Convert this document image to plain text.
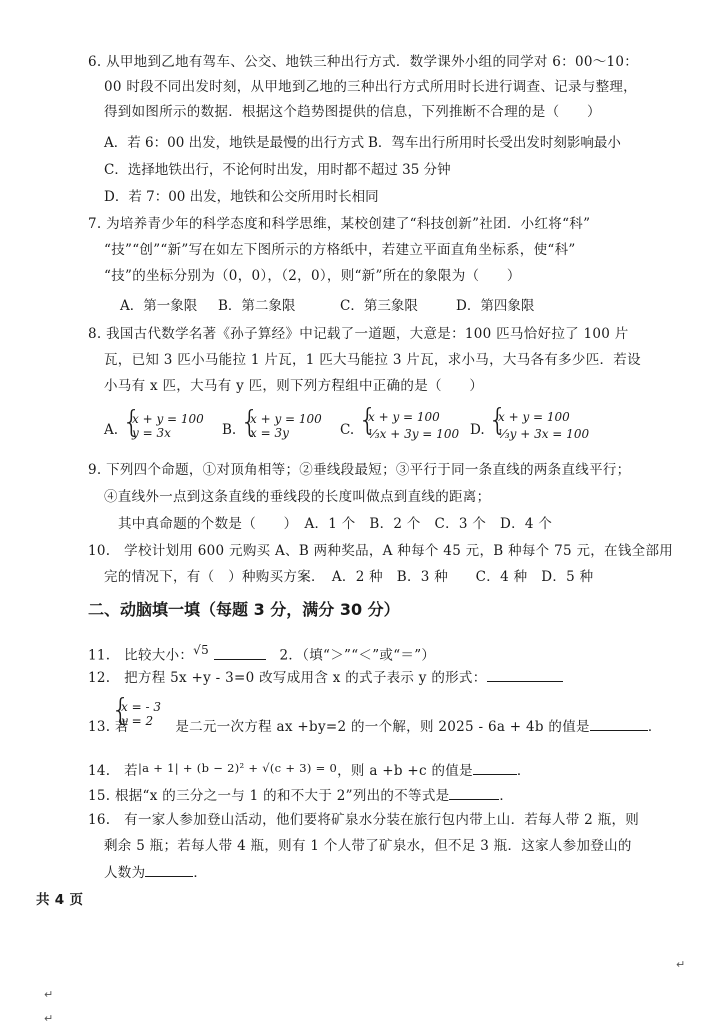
6. 从甲地到乙地有驾车、公交、地铁三种出行方式．数学课外小组的同学对 6：00～10：
00 时段不同出发时刻，从甲地到乙地的三种出行方式所用时长进行调查、记录与整理，
得到如图所示的数据．根据这个趋势图提供的信息，下列推断不合理的是（　　）
A．若 6：00 出发，地铁是最慢的出行方式 B．驾车出行所用时长受出发时刻影响最小
C．选择地铁出行，不论何时出发，用时都不超过 35 分钟
D．若 7：00 出发，地铁和公交所用时长相同
7. 为培养青少年的科学态度和科学思维，某校创建了“科技创新”社团．小红将“科”
“技”“创”“新”写在如左下图所示的方格纸中，若建立平面直角坐标系，使“科”
“技”的坐标分别为（0，0），（2，0），则“新”所在的象限为（　　）
A．第一象限 B．第二象限	C．第三象限	D．第四象限
8. 我国古代数学名著《孙子算经》中记载了一道题，大意是：100 匹马恰好拉了 100 片
瓦，已知 3 匹小马能拉 1 片瓦，1 匹大马能拉 3 片瓦，求小马，大马各有多少匹．若设
小马有 x 匹，大马有 y 匹，则下列方程组中正确的是（　　）
A. {
x + y = 100
y = 3x	B. {
x + y = 100
x = 3y	C. {
x + y = 100
⅓x + 3y = 100 D. {
x + y = 100
⅓y + 3x = 100
9. 下列四个命题，①对顶角相等；②垂线段最短；③平行于同一条直线的两条直线平行；
④直线外一点到这条直线的垂线段的长度叫做点到直线的距离；
其中真命题的个数是（　　）　A．1 个　B．2 个　C．3 个　D．4 个
10.　学校计划用 600 元购买 A、B 两种奖品，A 种每个 45 元，B 种每个 75 元，在钱全部用
完的情况下，有（　）种购买方案．　A．2 种　B．3 种　　C．4 种　D．5 种
二、动脑填一填（每题 3 分，满分 30 分）
11.　比较大小：$^{√5}$	　2．（填“＞”“＜”或“＝”）
12.　把方程 5x +y - 3=0 改写成用含 x 的式子表示 y 的形式：
13. 若	是二元一次方程 ax +by=2 的一个解，则 2025 - 6a + 4b 的值是	．
{
x = - 3
y = 2
14.　若|a + 1| + (b − 2)² + √(c + 3) = 0，则 a +b +c 的值是	．
15. 根据“x 的三分之一与 1 的和不大于 2”列出的不等式是	．
16.　有一家人参加登山活动，他们要将矿泉水分装在旅行包内带上山．若每人带 2 瓶，则
剩余 5 瓶；若每人带 4 瓶，则有 1 个人带了矿泉水，但不足 3 瓶．这家人参加登山的
人数为	．
共 4 页
↵
↵
↵
